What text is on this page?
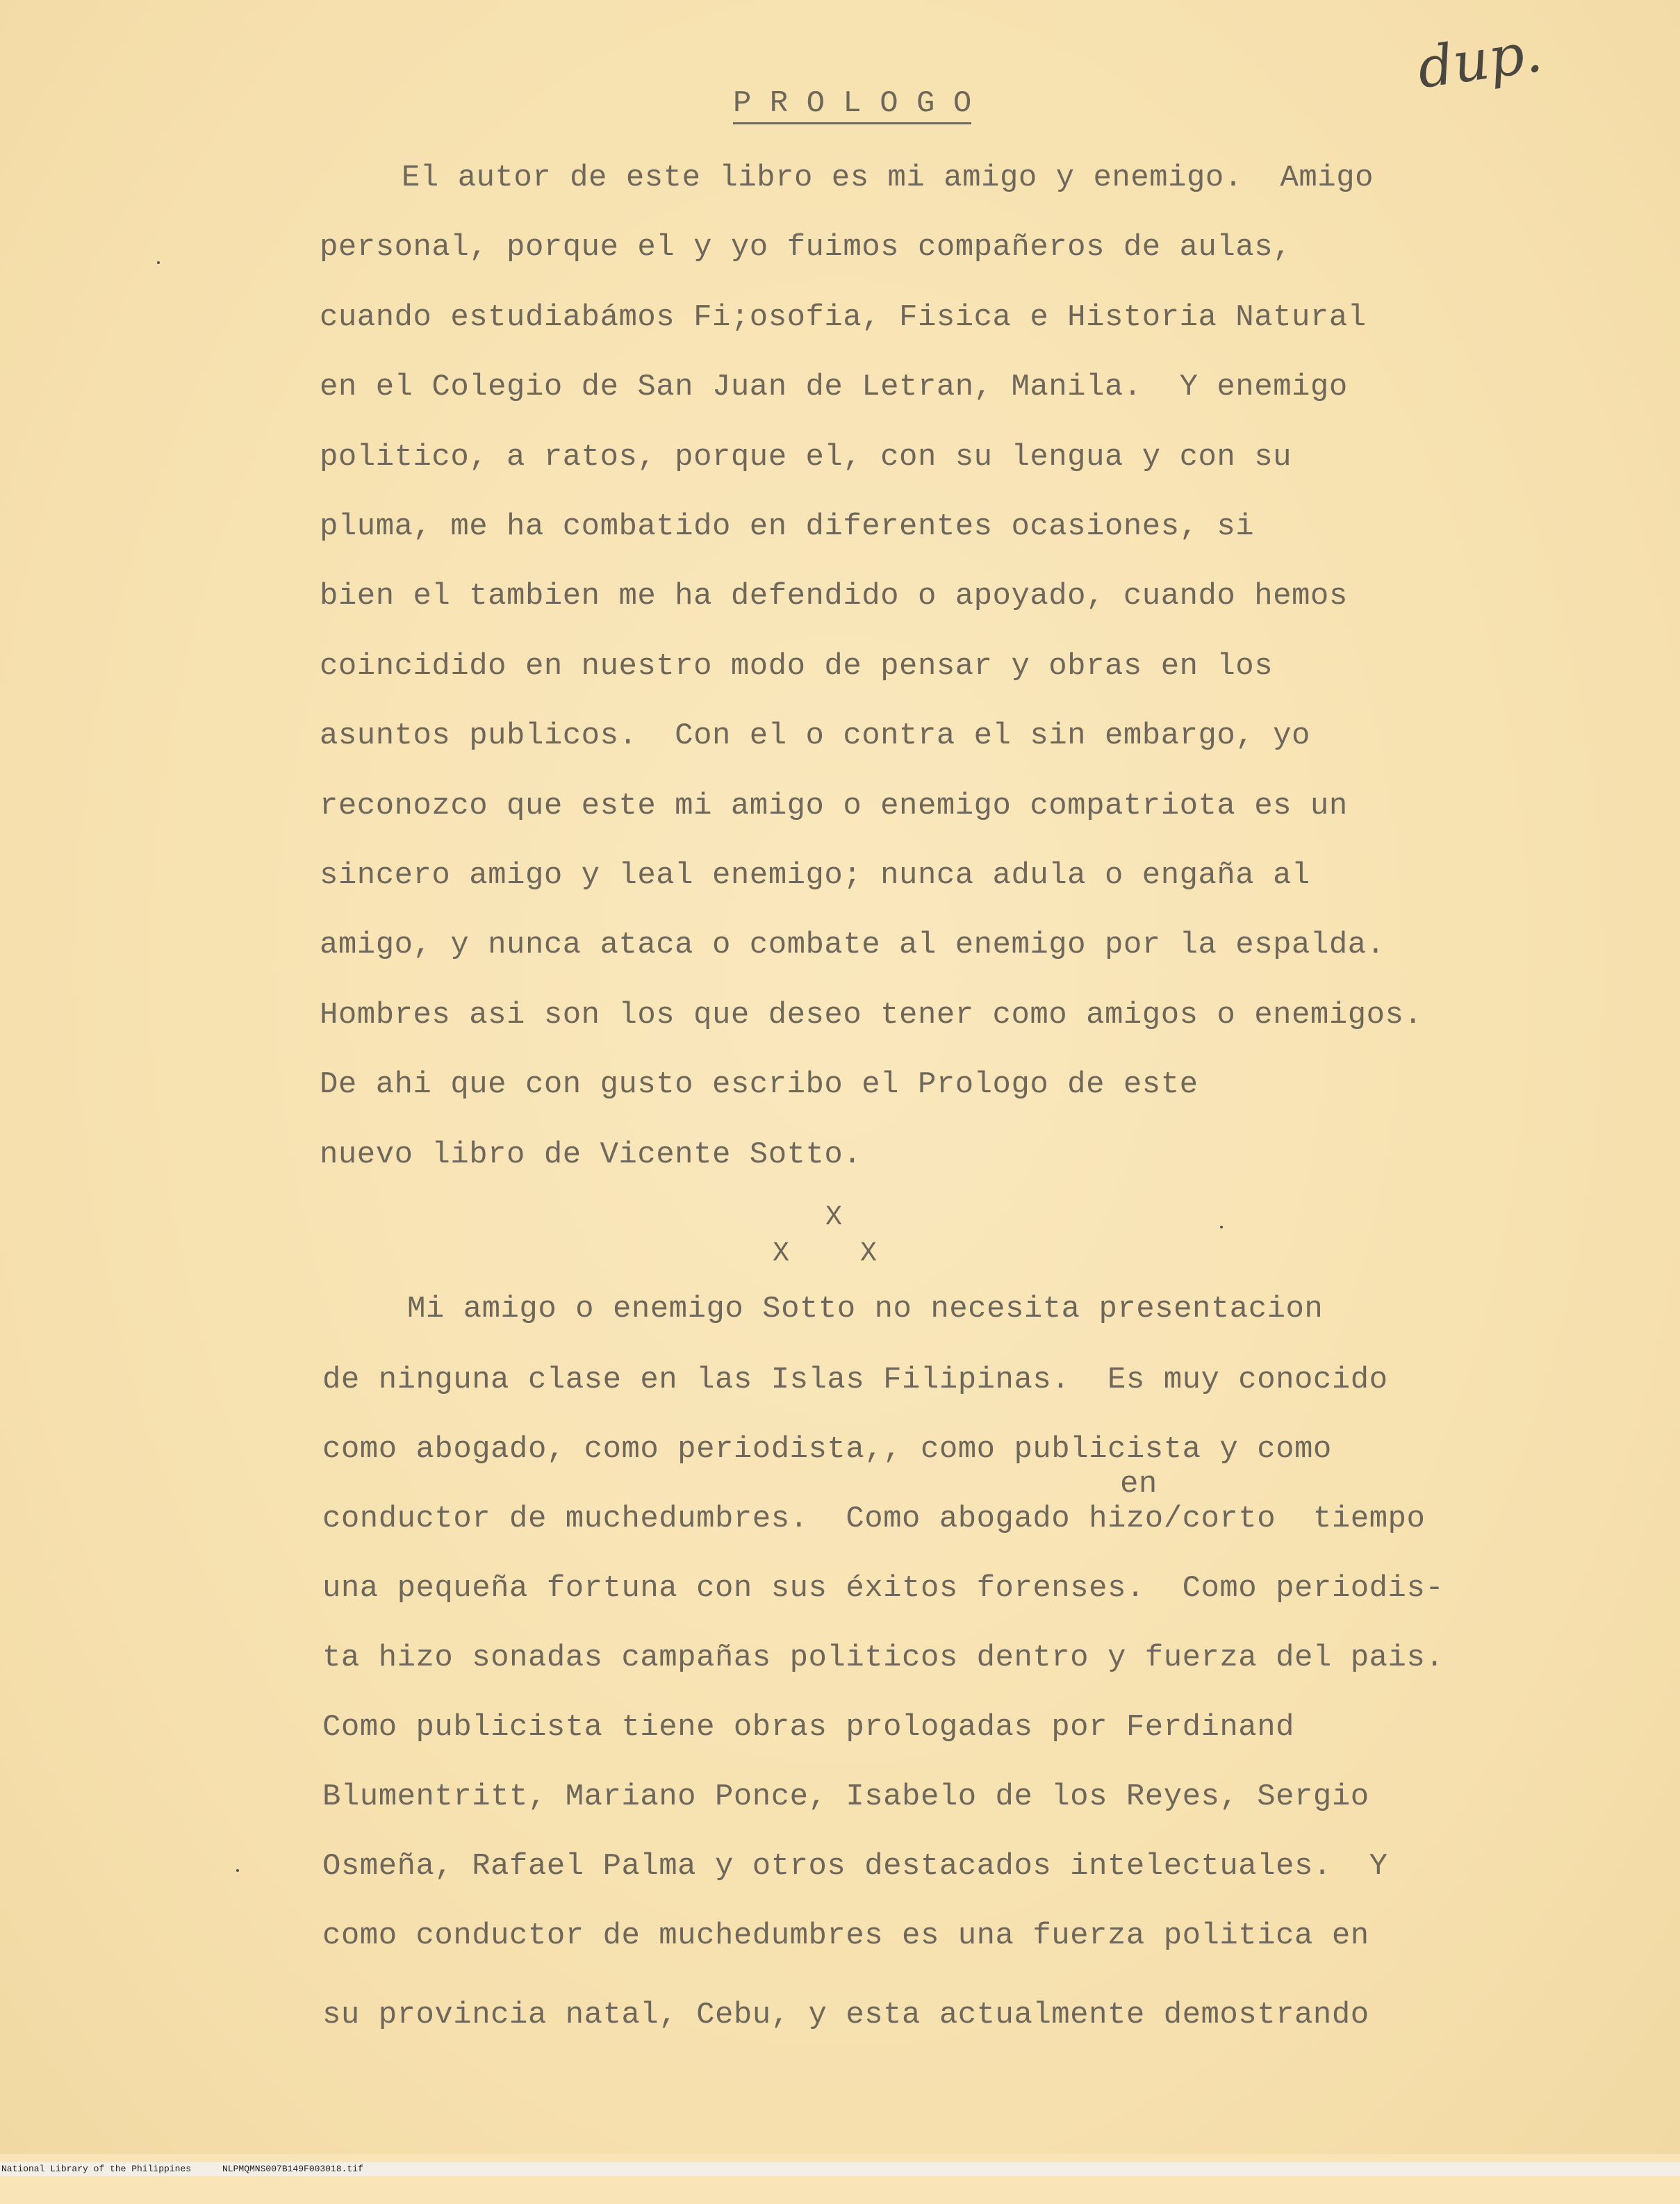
dup.
P R O L O G O
El autor de este libro es mi amigo y enemigo.  Amigo
personal, porque el y yo fuimos compañeros de aulas,
cuando estudiabámos Fi;osofia, Fisica e Historia Natural
en el Colegio de San Juan de Letran, Manila.  Y enemigo
politico, a ratos, porque el, con su lengua y con su
pluma, me ha combatido en diferentes ocasiones, si
bien el tambien me ha defendido o apoyado, cuando hemos
coincidido en nuestro modo de pensar y obras en los
asuntos publicos.  Con el o contra el sin embargo, yo
reconozco que este mi amigo o enemigo compatriota es un
sincero amigo y leal enemigo; nunca adula o engaña al
amigo, y nunca ataca o combate al enemigo por la espalda.
Hombres asi son los que deseo tener como amigos o enemigos.
De ahi que con gusto escribo el Prologo de este
nuevo libro de Vicente Sotto.
X
X	X
Mi amigo o enemigo Sotto no necesita presentacion
de ninguna clase en las Islas Filipinas.  Es muy conocido
como abogado, como periodista,, como publicista y como
conductor de muchedumbres.  Como abogado hizo/corto  tiempo
una pequeña fortuna con sus éxitos forenses.  Como periodis-
ta hizo sonadas campañas politicos dentro y fuerza del pais.
Como publicista tiene obras prologadas por Ferdinand
Blumentritt, Mariano Ponce, Isabelo de los Reyes, Sergio
Osmeña, Rafael Palma y otros destacados intelectuales.  Y
como conductor de muchedumbres es una fuerza politica en
su provincia natal, Cebu, y esta actualmente demostrando
en

National Library of the Philippines

	NLPMQMNS007B149F003018.tif
